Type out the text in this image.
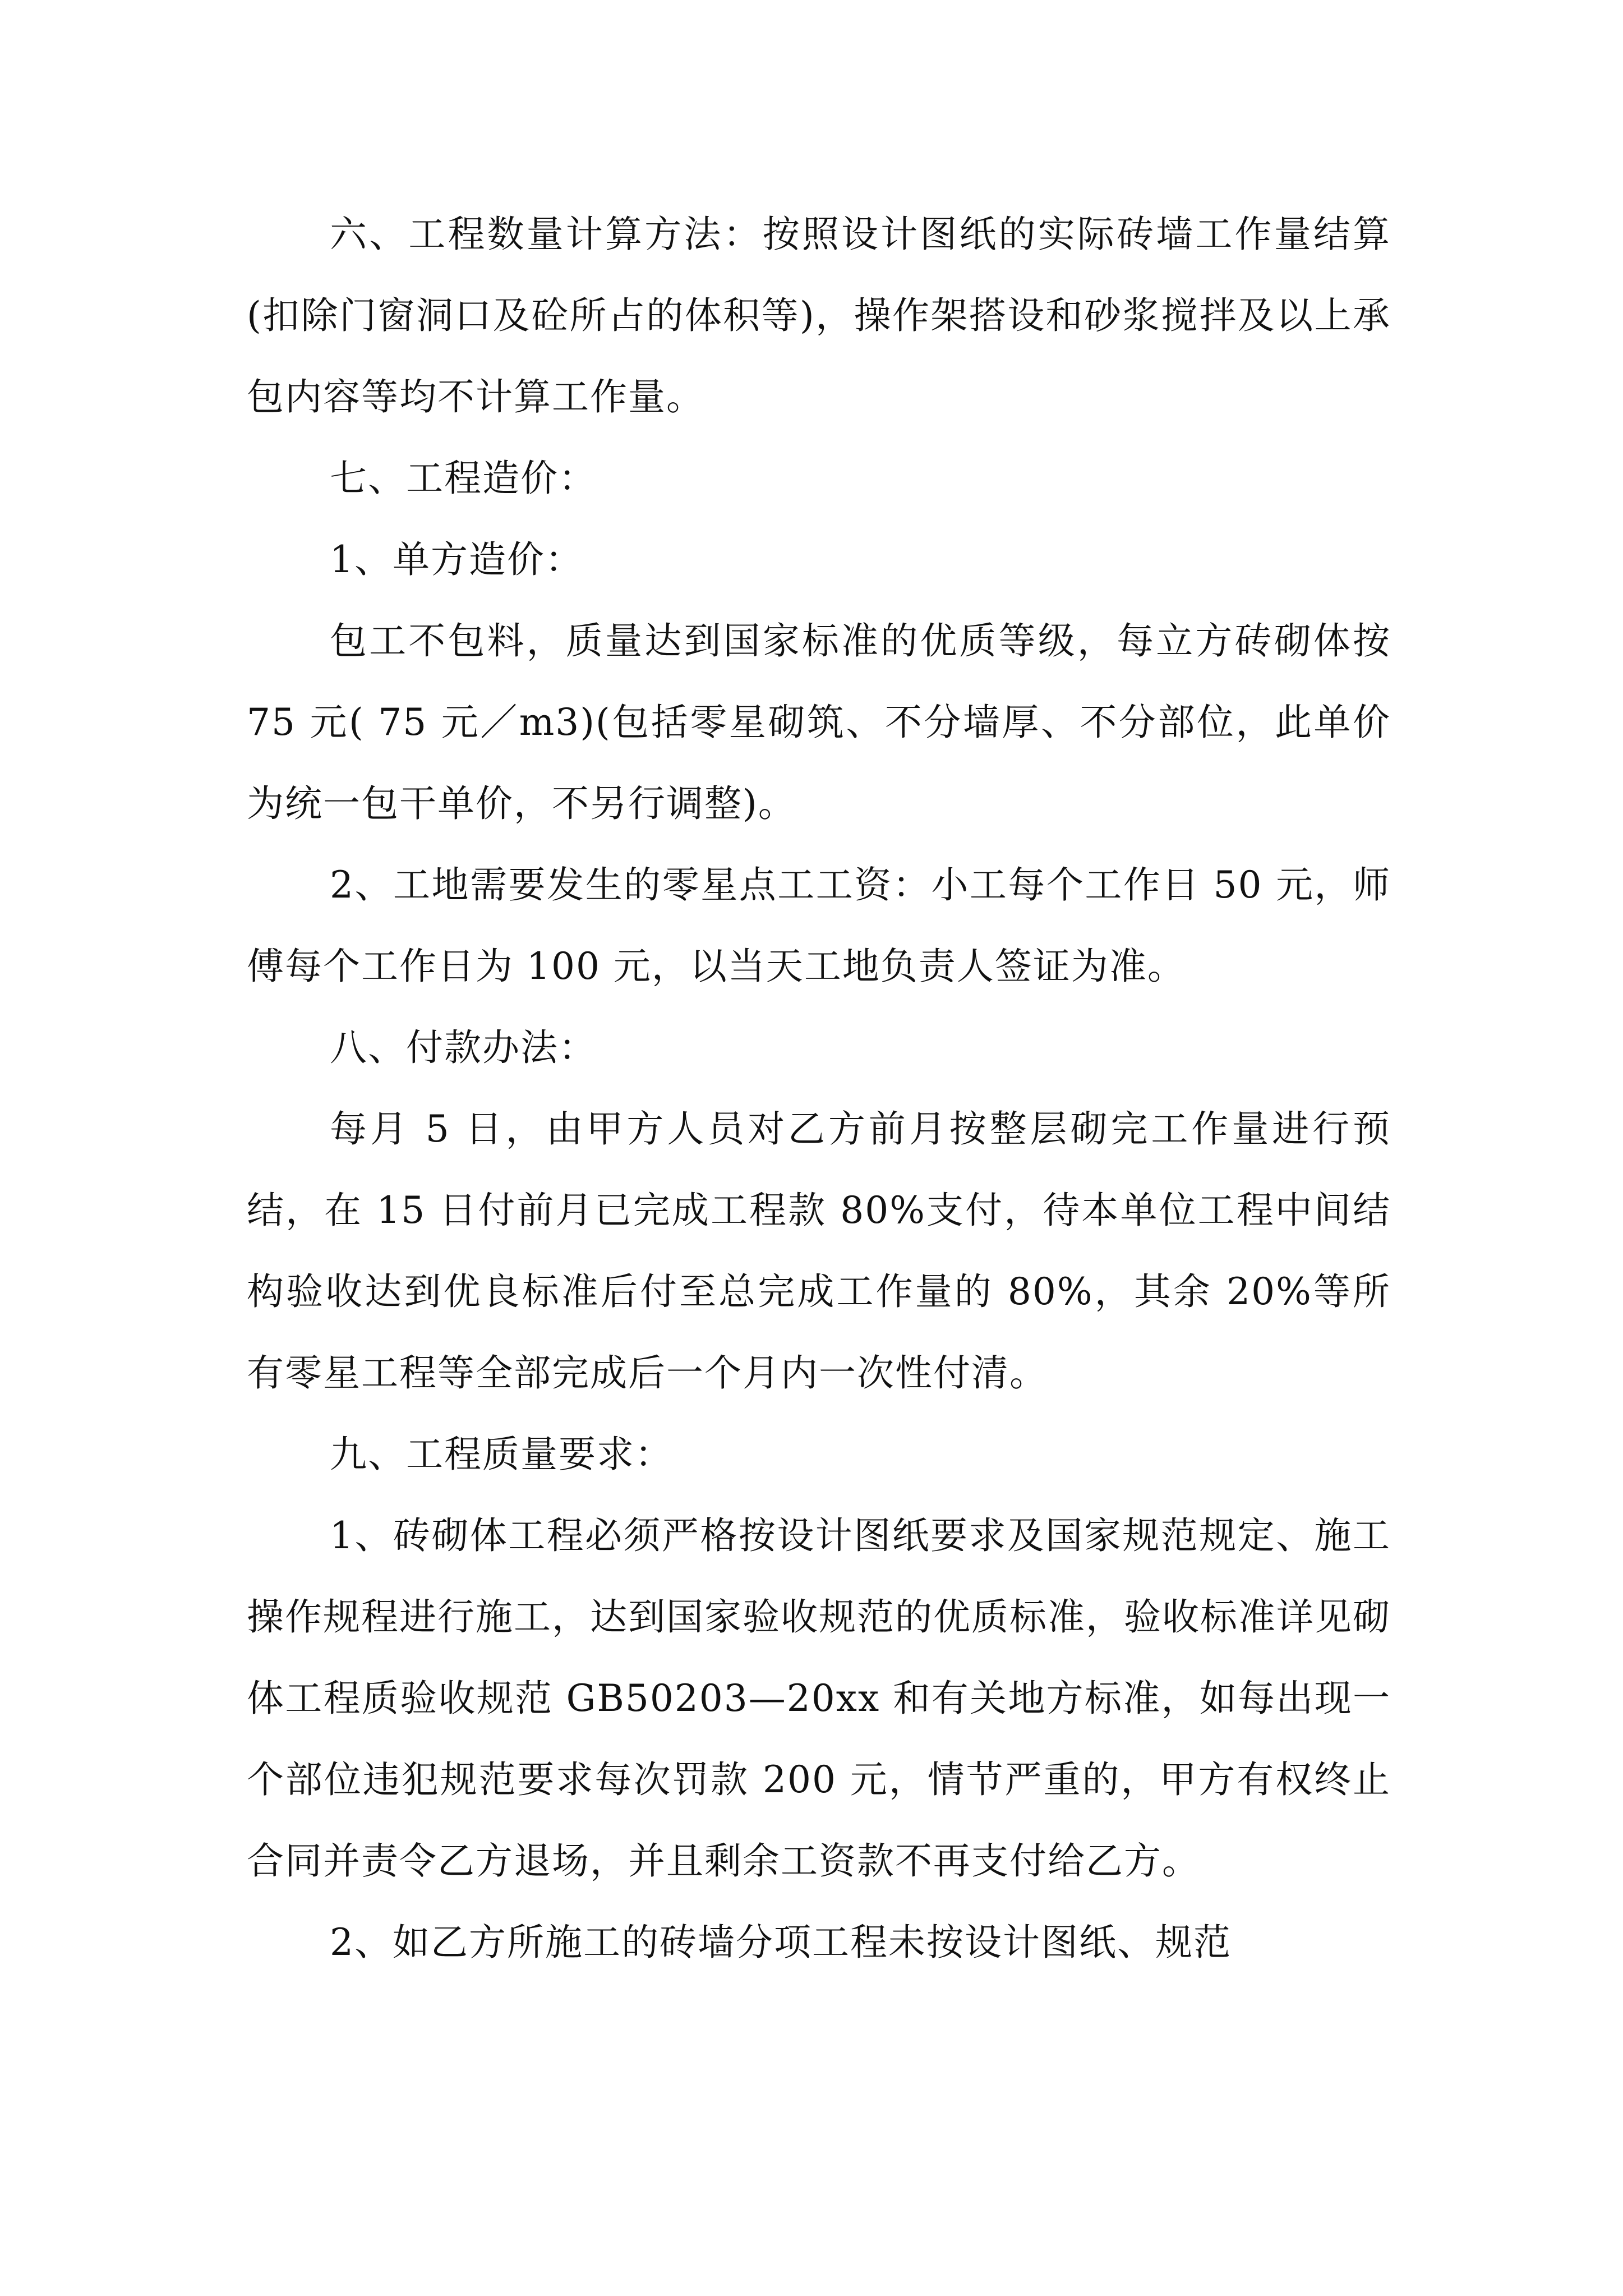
六、工程数量计算方法：按照设计图纸的实际砖墙工作量结算(扣除门窗洞口及砼所占的体积等)，操作架搭设和砂浆搅拌及以上承包内容等均不计算工作量。

七、工程造价：

1、单方造价：

包工不包料，质量达到国家标准的优质等级，每立方砖砌体按 75 元( 75 元／m3)(包括零星砌筑、不分墙厚、不分部位，此单价为统一包干单价，不另行调整)。

2、工地需要发生的零星点工工资：小工每个工作日 50 元，师傅每个工作日为 100 元，以当天工地负责人签证为准。

八、付款办法：

每月 5 日，由甲方人员对乙方前月按整层砌完工作量进行预结，在 15 日付前月已完成工程款 80%支付，待本单位工程中间结构验收达到优良标准后付至总完成工作量的 80%，其余 20%等所有零星工程等全部完成后一个月内一次性付清。

九、工程质量要求：

1、砖砌体工程必须严格按设计图纸要求及国家规范规定、施工操作规程进行施工，达到国家验收规范的优质标准，验收标准详见砌体工程质验收规范 GB50203—20xx 和有关地方标准，如每出现一个部位违犯规范要求每次罚款 200 元，情节严重的，甲方有权终止合同并责令乙方退场，并且剩余工资款不再支付给乙方。

2、如乙方所施工的砖墙分项工程未按设计图纸、规范
